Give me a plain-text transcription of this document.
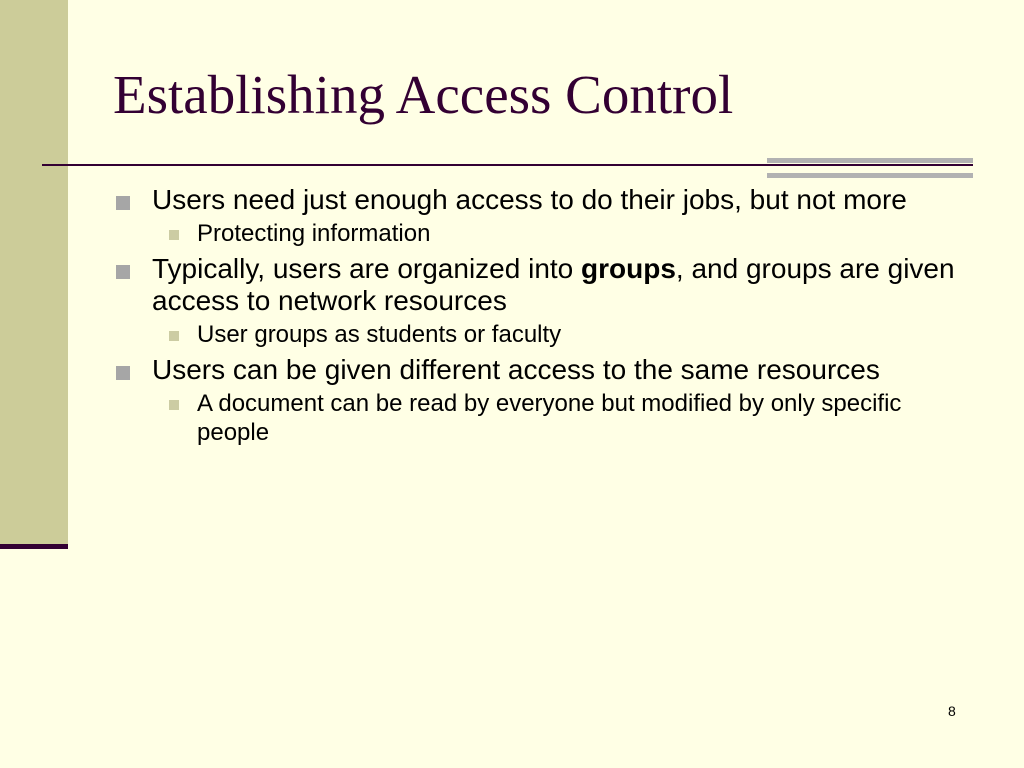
Establishing Access Control
Users need just enough access to do their jobs, but not more
Protecting information
Typically, users are organized into groups, and groups are given access to network resources
User groups as students or faculty
Users can be given different access to the same resources
A document can be read by everyone but modified by only specific people
8
